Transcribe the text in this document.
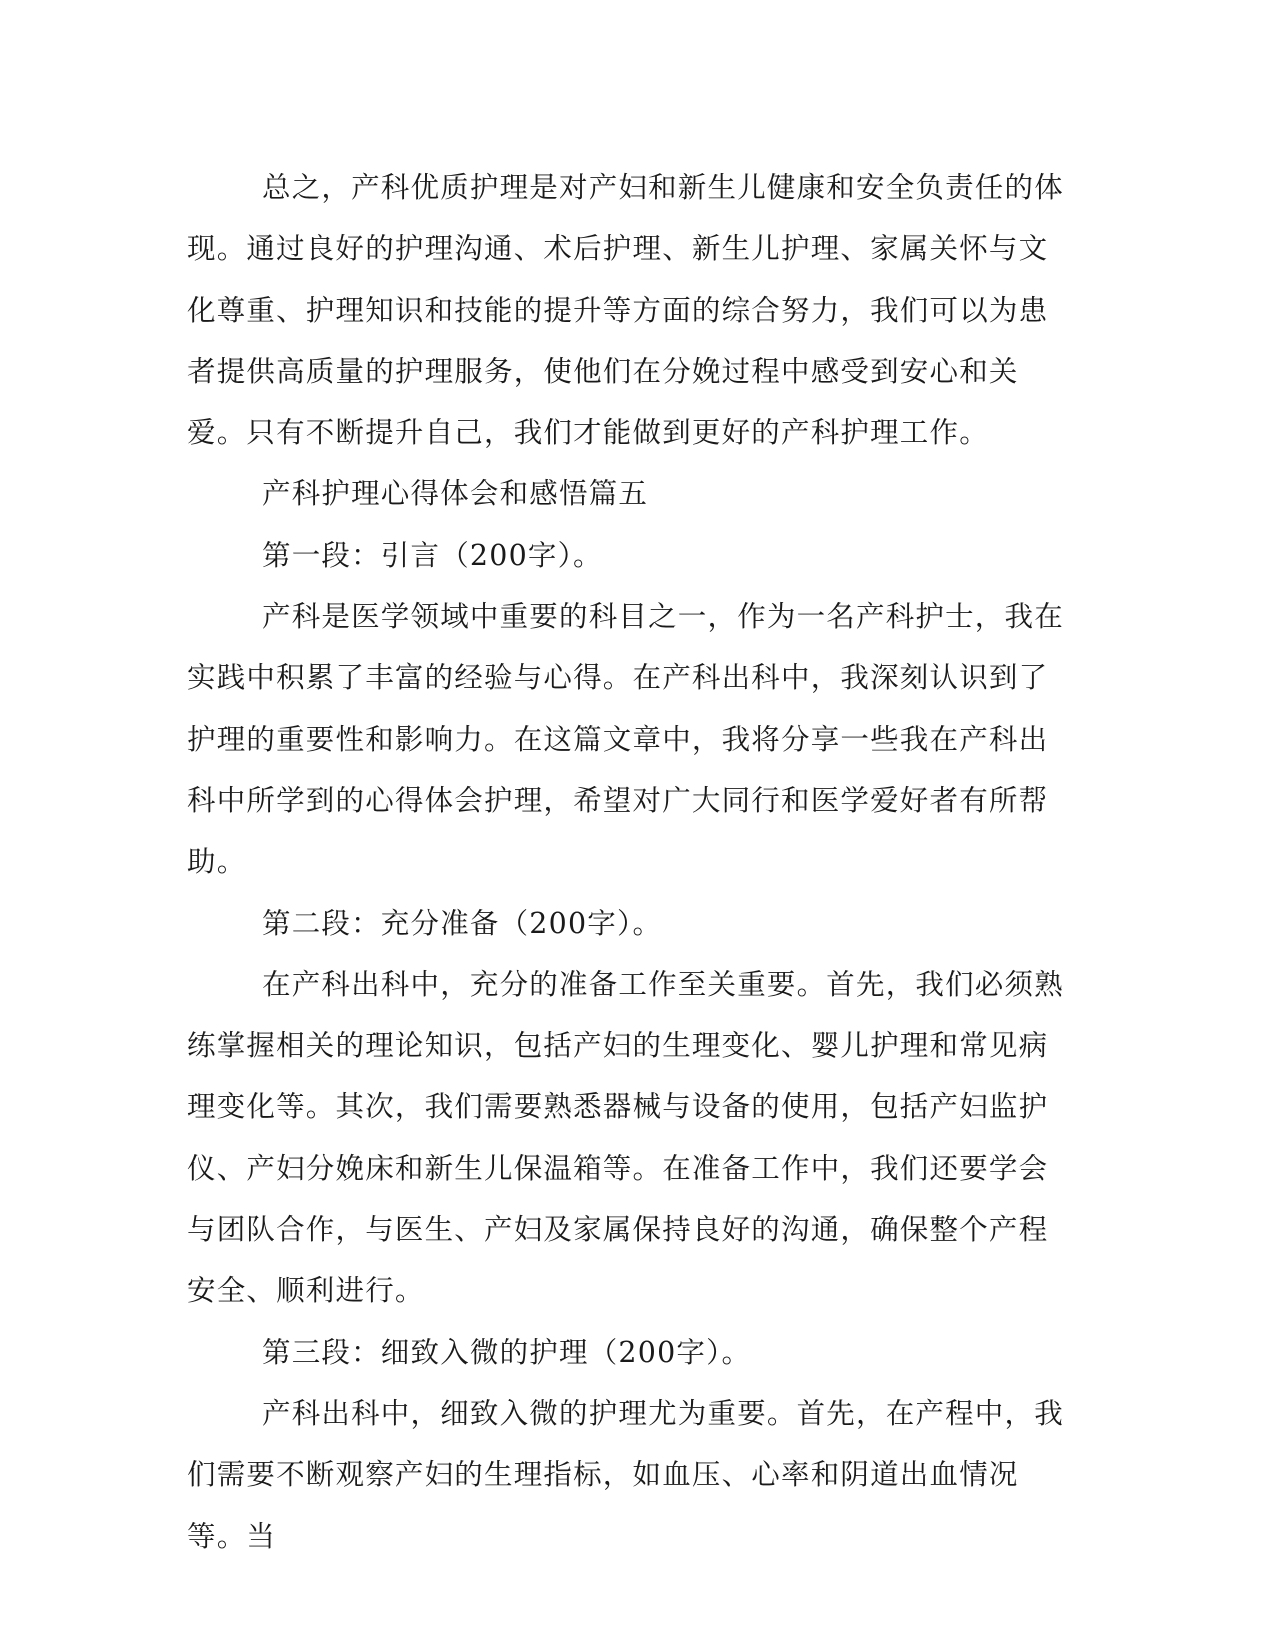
总之，产科优质护理是对产妇和新生儿健康和安全负责任的体现。通过良好的护理沟通、术后护理、新生儿护理、家属关怀与文化尊重、护理知识和技能的提升等方面的综合努力，我们可以为患者提供高质量的护理服务，使他们在分娩过程中感受到安心和关爱。只有不断提升自己，我们才能做到更好的产科护理工作。

产科护理心得体会和感悟篇五

第一段：引言（200字）。

产科是医学领域中重要的科目之一，作为一名产科护士，我在实践中积累了丰富的经验与心得。在产科出科中，我深刻认识到了护理的重要性和影响力。在这篇文章中，我将分享一些我在产科出科中所学到的心得体会护理，希望对广大同行和医学爱好者有所帮助。

第二段：充分准备（200字）。

在产科出科中，充分的准备工作至关重要。首先，我们必须熟练掌握相关的理论知识，包括产妇的生理变化、婴儿护理和常见病理变化等。其次，我们需要熟悉器械与设备的使用，包括产妇监护仪、产妇分娩床和新生儿保温箱等。在准备工作中，我们还要学会与团队合作，与医生、产妇及家属保持良好的沟通，确保整个产程安全、顺利进行。

第三段：细致入微的护理（200字）。

产科出科中，细致入微的护理尤为重要。首先，在产程中，我们需要不断观察产妇的生理指标，如血压、心率和阴道出血情况等。当
